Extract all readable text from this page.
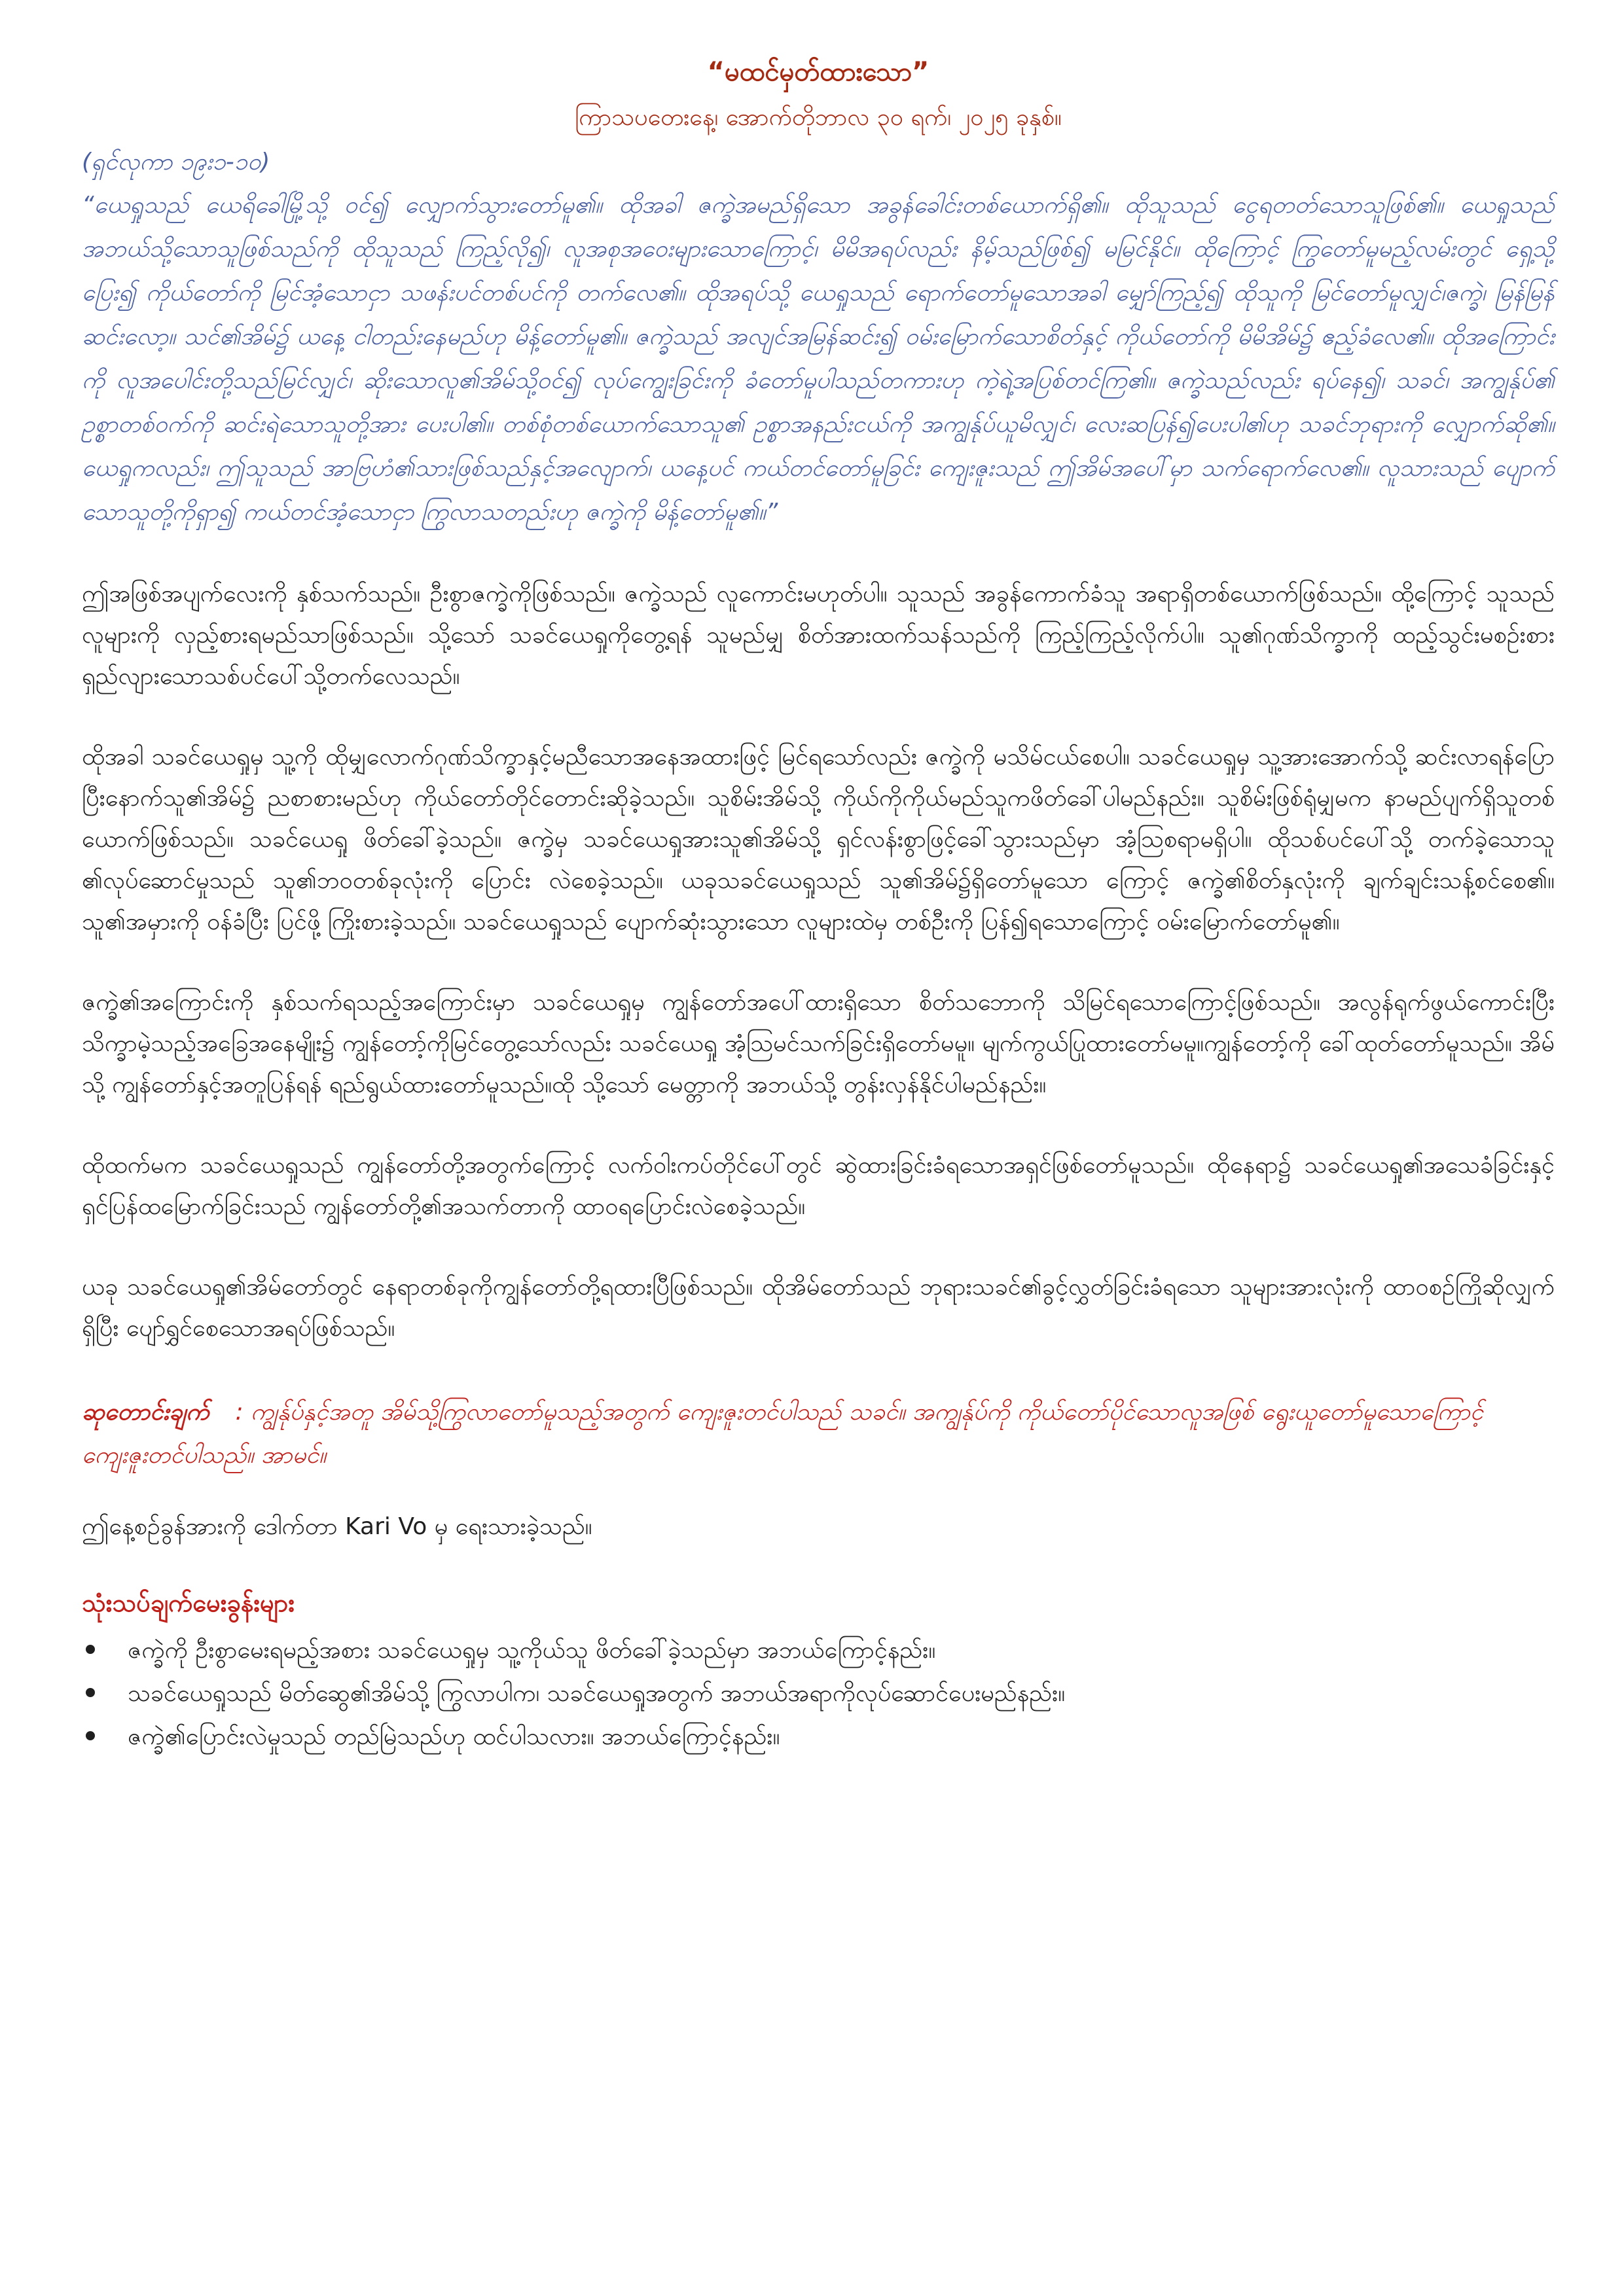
“မထင်မှတ်ထားသော”
ကြာသပတေးနေ့၊ အောက်တိုဘာလ ၃၀ ရက်၊ ၂၀၂၅ ခုနှစ်။

(ရှင်လုကာ ၁၉း၁-၁၀)

“ယေရှုသည် ယေရိခေါမြို့သို့ ဝင်၍ လျှောက်သွားတော်မူ၏။ ထိုအခါ ဇက္ခဲအမည်ရှိသော အခွန်ခေါင်းတစ်ယောက်ရှိ၏။ ထိုသူသည် ငွေရတတ်သောသူဖြစ်၏။ ယေရှုသည် အဘယ်သို့သောသူဖြစ်သည်ကို ထိုသူသည် ကြည့်လို၍၊ လူအစုအဝေးများသောကြောင့်၊ မိမိအရပ်လည်း နိမ့်သည်ဖြစ်၍ မမြင်နိုင်။ ထိုကြောင့် ကြွတော်မူမည့်လမ်းတွင် ရှေ့သို့ပြေး၍ ကိုယ်တော်ကို မြင်အံ့သောငှာ သဖန်းပင်တစ်ပင်ကို တက်လေ၏။ ထိုအရပ်သို့ ယေရှုသည် ရောက်တော်မူသောအခါ မျှော်ကြည့်၍ ထိုသူကို မြင်တော်မူလျှင်၊ဇက္ခဲ၊ မြန်မြန်ဆင်းလော့။ သင်၏အိမ်၌ ယနေ့ ငါတည်းနေမည်ဟု မိန့်တော်မူ၏။ ဇက္ခဲသည် အလျင်အမြန်ဆင်း၍ ဝမ်းမြောက်သောစိတ်နှင့် ကိုယ်တော်ကို မိမိအိမ်၌ ဧည့်ခံလေ၏။ ထိုအကြောင်းကို လူအပေါင်းတို့သည်မြင်လျှင်၊ ဆိုးသောလူ၏အိမ်သို့ဝင်၍ လုပ်ကျွေးခြင်းကို ခံတော်မူပါသည်တကားဟု ကဲ့ရဲ့အပြစ်တင်ကြ၏။ ဇက္ခဲသည်လည်း ရပ်နေ၍၊ သခင်၊ အကျွန်ုပ်၏ ဥစ္စာတစ်ဝက်ကို ဆင်းရဲသောသူတို့အား ပေးပါ၏။ တစ်စုံတစ်ယောက်သောသူ၏ ဥစ္စာအနည်းငယ်ကို အကျွန်ုပ်ယူမိလျှင်၊ လေးဆပြန်၍ပေးပါ၏ဟု သခင်ဘုရားကို လျှောက်ဆို၏။ ယေရှုကလည်း၊ ဤသူသည် အာဗြဟံ၏သားဖြစ်သည်နှင့်အလျောက်၊ ယနေ့ပင် ကယ်တင်တော်မူခြင်း ကျေးဇူးသည် ဤအိမ်အပေါ်မှာ သက်ရောက်လေ၏။ လူသားသည် ပျောက်သောသူတို့ကိုရှာ၍ ကယ်တင်အံ့သောငှာ ကြွလာသတည်းဟု ဇက္ခဲကို မိန့်တော်မူ၏။”

ဤအဖြစ်အပျက်လေးကို နှစ်သက်သည်။ ဦးစွာဇက္ခဲကိုဖြစ်သည်။ ဇက္ခဲသည် လူကောင်းမဟုတ်ပါ။ သူသည် အခွန်ကောက်ခံသူ အရာရှိတစ်ယောက်ဖြစ်သည်။ ထို့ကြောင့် သူသည်လူများကို လှည့်စားရမည်သာဖြစ်သည်။ သို့သော် သခင်ယေရှုကိုတွေ့ရန် သူမည်မျှ စိတ်အားထက်သန်သည်ကို ကြည့်ကြည့်လိုက်ပါ။ သူ၏ဂုဏ်သိက္ခာကို ထည့်သွင်းမစဉ်းစား ရှည်လျားသောသစ်ပင်ပေါ်သို့တက်လေသည်။

ထိုအခါ သခင်ယေရှုမှ သူ့ကို ထိုမျှလောက်ဂုဏ်သိက္ခာနှင့်မညီသောအနေအထားဖြင့် မြင်ရသော်လည်း ဇက္ခဲကို မသိမ်ငယ်စေပါ။ သခင်ယေရှုမှ သူ့အားအောက်သို့ ဆင်းလာရန်ပြောပြီးနောက်သူ၏အိမ်၌ ညစာစားမည်ဟု ကိုယ်တော်တိုင်တောင်းဆိုခဲ့သည်။ သူစိမ်းအိမ်သို့ ကိုယ်ကိုကိုယ်မည်သူကဖိတ်ခေါ်ပါမည်နည်း။ သူစိမ်းဖြစ်ရုံမျှမက နာမည်ပျက်ရှိသူတစ်ယောက်ဖြစ်သည်။ သခင်ယေရှု ဖိတ်ခေါ်ခဲ့သည်။ ဇက္ခဲမှ သခင်ယေရှုအားသူ၏အိမ်သို့ ရှင်လန်းစွာဖြင့်ခေါ်သွားသည်မှာ အံ့ဩစရာမရှိပါ။ ထိုသစ်ပင်ပေါ်သို့ တက်ခဲ့သောသူ ၏လုပ်ဆောင်မှုသည် သူ၏ဘဝတစ်ခုလုံးကို ပြောင်း လဲစေခဲ့သည်။ ယခုသခင်ယေရှုသည် သူ၏အိမ်၌ရှိတော်မူသော ကြောင့် ဇက္ခဲ၏စိတ်နှလုံးကို ချက်ချင်းသန့်စင်စေ၏။ သူ၏အမှားကို ဝန်ခံပြီး ပြင်ဖို့ ကြိုးစားခဲ့သည်။ သခင်ယေရှုသည် ပျောက်ဆုံးသွားသော လူများထဲမှ တစ်ဦးကို ပြန်၍ရသောကြောင့် ဝမ်းမြောက်တော်မူ၏။

ဇက္ခဲ၏အကြောင်းကို နှစ်သက်ရသည့်အကြောင်းမှာ သခင်ယေရှုမှ ကျွန်တော်အပေါ်ထားရှိသော စိတ်သဘောကို သိမြင်ရသောကြောင့်ဖြစ်သည်။ အလွန်ရုက်ဖွယ်ကောင်းပြီး သိက္ခာမဲ့သည့်အခြေအနေမျိုး၌ ကျွန်တော့်ကိုမြင်တွေ့သော်လည်း သခင်ယေရှု အံ့ဩမင်သက်ခြင်းရှိတော်မမူ။ မျက်ကွယ်ပြုထားတော်မမူ။ကျွန်တော့်ကို ခေါ်ထုတ်တော်မူသည်။ အိမ်သို့ ကျွန်တော်နှင့်အတူပြန်ရန် ရည်ရွယ်ထားတော်မူသည်။ထို သို့သော် မေတ္တာကို အဘယ်သို့ တွန်းလှန်နိုင်ပါမည်နည်း။

ထိုထက်မက သခင်ယေရှုသည် ကျွန်တော်တို့အတွက်ကြောင့် လက်ဝါးကပ်တိုင်ပေါ်တွင် ဆွဲထားခြင်းခံရသောအရှင်ဖြစ်တော်မူသည်။ ထိုနေရာ၌ သခင်ယေရှု၏အသေခံခြင်းနှင့် ရှင်ပြန်ထမြောက်ခြင်းသည် ကျွန်တော်တို့၏အသက်တာကို ထာဝရပြောင်းလဲစေခဲ့သည်။

ယခု သခင်ယေရှု၏အိမ်တော်တွင် နေရာတစ်ခုကိုကျွန်တော်တို့ရထားပြီဖြစ်သည်။ ထိုအိမ်တော်သည် ဘုရားသခင်၏ခွင့်လွှတ်ခြင်းခံရသော သူများအားလုံးကို ထာဝစဉ်ကြိုဆိုလျှက်ရှိပြီး ပျော်ရွှင်စေသောအရပ်ဖြစ်သည်။

ဆုတောင်းချက် : ကျွန်ုပ်နှင့်အတူ အိမ်သို့ကြွလာတော်မူသည့်အတွက် ကျေးဇူးတင်ပါသည် သခင်။ အကျွန်ုပ်ကို ကိုယ်တော်ပိုင်သောလူအဖြစ် ရွေးယူတော်မူသောကြောင့်ကျေးဇူးတင်ပါသည်။ အာမင်။

ဤနေ့စဉ်ခွန်အားကို ဒေါက်တာ Kari Vo မှ ရေးသားခဲ့သည်။

သုံးသပ်ချက်မေးခွန်းများ
ဇက္ခဲကို ဦးစွာမေးရမည့်အစား သခင်ယေရှုမှ သူ့ကိုယ်သူ ဖိတ်ခေါ်ခဲ့သည်မှာ အဘယ်ကြောင့်နည်း။
သခင်ယေရှုသည် မိတ်ဆွေ၏အိမ်သို့ ကြွလာပါက၊ သခင်ယေရှုအတွက် အဘယ်အရာကိုလုပ်ဆောင်ပေးမည်နည်း။
ဇက္ခဲ၏ပြောင်းလဲမှုသည် တည်မြဲသည်ဟု ထင်ပါသလား။ အဘယ်ကြောင့်နည်း။
